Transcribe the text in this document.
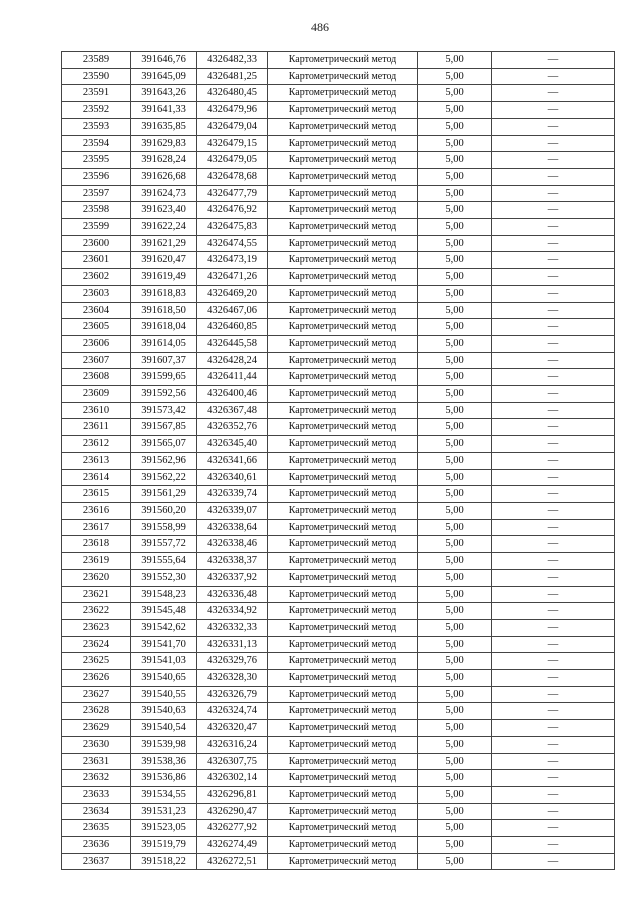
486
23589	391646,76	4326482,33	Картометрический метод	5,00	—
23590	391645,09	4326481,25	Картометрический метод	5,00	—
23591	391643,26	4326480,45	Картометрический метод	5,00	—
23592	391641,33	4326479,96	Картометрический метод	5,00	—
23593	391635,85	4326479,04	Картометрический метод	5,00	—
23594	391629,83	4326479,15	Картометрический метод	5,00	—
23595	391628,24	4326479,05	Картометрический метод	5,00	—
23596	391626,68	4326478,68	Картометрический метод	5,00	—
23597	391624,73	4326477,79	Картометрический метод	5,00	—
23598	391623,40	4326476,92	Картометрический метод	5,00	—
23599	391622,24	4326475,83	Картометрический метод	5,00	—
23600	391621,29	4326474,55	Картометрический метод	5,00	—
23601	391620,47	4326473,19	Картометрический метод	5,00	—
23602	391619,49	4326471,26	Картометрический метод	5,00	—
23603	391618,83	4326469,20	Картометрический метод	5,00	—
23604	391618,50	4326467,06	Картометрический метод	5,00	—
23605	391618,04	4326460,85	Картометрический метод	5,00	—
23606	391614,05	4326445,58	Картометрический метод	5,00	—
23607	391607,37	4326428,24	Картометрический метод	5,00	—
23608	391599,65	4326411,44	Картометрический метод	5,00	—
23609	391592,56	4326400,46	Картометрический метод	5,00	—
23610	391573,42	4326367,48	Картометрический метод	5,00	—
23611	391567,85	4326352,76	Картометрический метод	5,00	—
23612	391565,07	4326345,40	Картометрический метод	5,00	—
23613	391562,96	4326341,66	Картометрический метод	5,00	—
23614	391562,22	4326340,61	Картометрический метод	5,00	—
23615	391561,29	4326339,74	Картометрический метод	5,00	—
23616	391560,20	4326339,07	Картометрический метод	5,00	—
23617	391558,99	4326338,64	Картометрический метод	5,00	—
23618	391557,72	4326338,46	Картометрический метод	5,00	—
23619	391555,64	4326338,37	Картометрический метод	5,00	—
23620	391552,30	4326337,92	Картометрический метод	5,00	—
23621	391548,23	4326336,48	Картометрический метод	5,00	—
23622	391545,48	4326334,92	Картометрический метод	5,00	—
23623	391542,62	4326332,33	Картометрический метод	5,00	—
23624	391541,70	4326331,13	Картометрический метод	5,00	—
23625	391541,03	4326329,76	Картометрический метод	5,00	—
23626	391540,65	4326328,30	Картометрический метод	5,00	—
23627	391540,55	4326326,79	Картометрический метод	5,00	—
23628	391540,63	4326324,74	Картометрический метод	5,00	—
23629	391540,54	4326320,47	Картометрический метод	5,00	—
23630	391539,98	4326316,24	Картометрический метод	5,00	—
23631	391538,36	4326307,75	Картометрический метод	5,00	—
23632	391536,86	4326302,14	Картометрический метод	5,00	—
23633	391534,55	4326296,81	Картометрический метод	5,00	—
23634	391531,23	4326290,47	Картометрический метод	5,00	—
23635	391523,05	4326277,92	Картометрический метод	5,00	—
23636	391519,79	4326274,49	Картометрический метод	5,00	—
23637	391518,22	4326272,51	Картометрический метод	5,00	—
